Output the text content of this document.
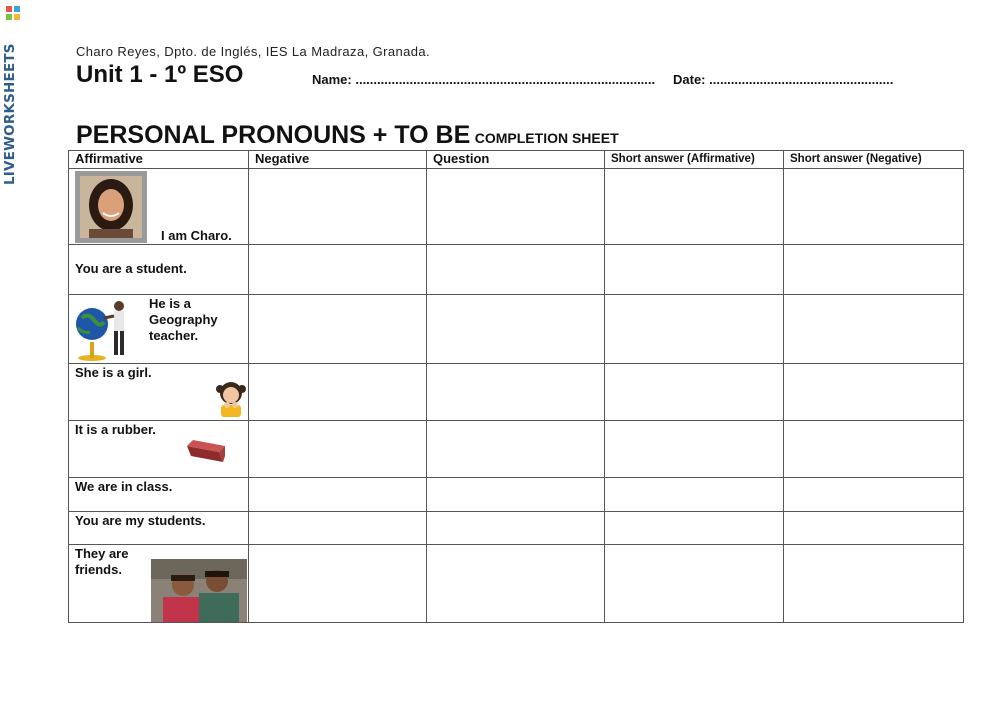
LIVEWORKSHEETS	Charo Reyes, Dpto. de Inglés, IES La Madraza, Granada.
Unit 1 - 1º ESO	Name: ................................................................................... Date: ...................................................
PERSONAL PRONOUNS + TO BE COMPLETION SHEET
Affirmative	Negative	Question	Short answer (Affirmative)	Short answer (Negative)

I am Charo.				

You are a student.				

He is a Geography teacher.				

She is a girl.				

It is a rubber.				

We are in class.				

You are my students.				

They are friends.				
